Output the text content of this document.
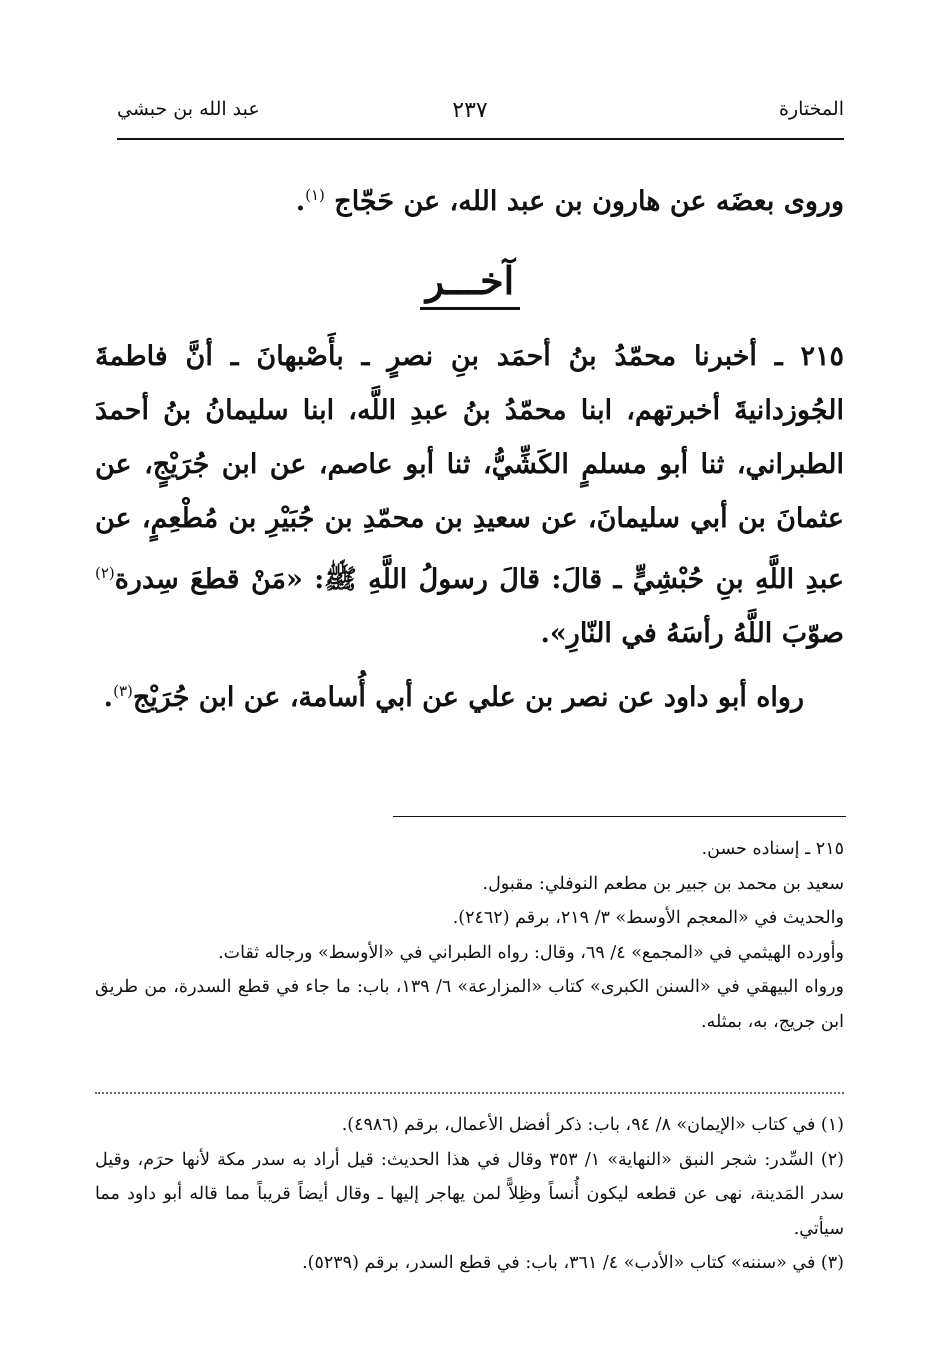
المختارة
٢٣٧
عبد الله بن حبشي

وروى بعضَه عن هارون بن عبد الله، عن حَجّاج $^{(١)}$.

آخـــر

٢١٥ ـ أخبرنا محمّدُ بنُ أحمَد بنِ نصرٍ ـ بأَصْبهانَ ـ أنَّ فاطمةَ الجُوزدانيةَ أخبرتهم، ابنا محمّدُ بنُ عبدِ اللَّه، ابنا سليمانُ بنُ أحمدَ الطبراني، ثنا أبو مسلمٍ الكَشِّيُّ، ثنا أبو عاصم، عن ابن جُرَيْجٍ، عن عثمانَ بن أبي سليمانَ، عن سعيدِ بن محمّدِ بن جُبَيْرِ بن مُطْعِمٍ، عن عبدِ اللَّهِ بنِ حُبْشِيٍّ ـ قالَ: قالَ رسولُ اللَّهِ ﷺ: «مَنْ قطعَ سِدرة$^{(٢)}$ صوّبَ اللَّهُ رأسَهُ في النّارِ».

رواه أبو داود عن نصر بن علي عن أبي أُسامة، عن ابن جُرَيْج$^{(٣)}$.

٢١٥ ـ إسناده حسن.
سعيد بن محمد بن جبير بن مطعم النوفلي: مقبول.
والحديث في «المعجم الأوسط» ٣/ ٢١٩، برقم (٢٤٦٢).
وأورده الهيثمي في «المجمع» ٤/ ٦٩، وقال: رواه الطبراني في «الأوسط» ورجاله ثقات.
ورواه البيهقي في «السنن الكبرى» كتاب «المزارعة» ٦/ ١٣٩، باب: ما جاء في قطع السدرة، من طريق ابن جريج، به، بمثله.
(١) في كتاب «الإيمان» ٨/ ٩٤، باب: ذكر أفضل الأعمال، برقم (٤٩٨٦).
(٢) السِّدر: شجر النبق «النهاية» ١/ ٣٥٣ وقال في هذا الحديث: قيل أراد به سدر مكة لأنها حرَم، وقيل سدر المَدينة، نهى عن قطعه ليكون أُنساً وظِلاًّ لمن يهاجر إليها ـ وقال أيضاً قريباً مما قاله أبو داود مما سيأتي.
(٣) في «سننه» كتاب «الأدب» ٤/ ٣٦١، باب: في قطع السدر، برقم (٥٢٣٩).
